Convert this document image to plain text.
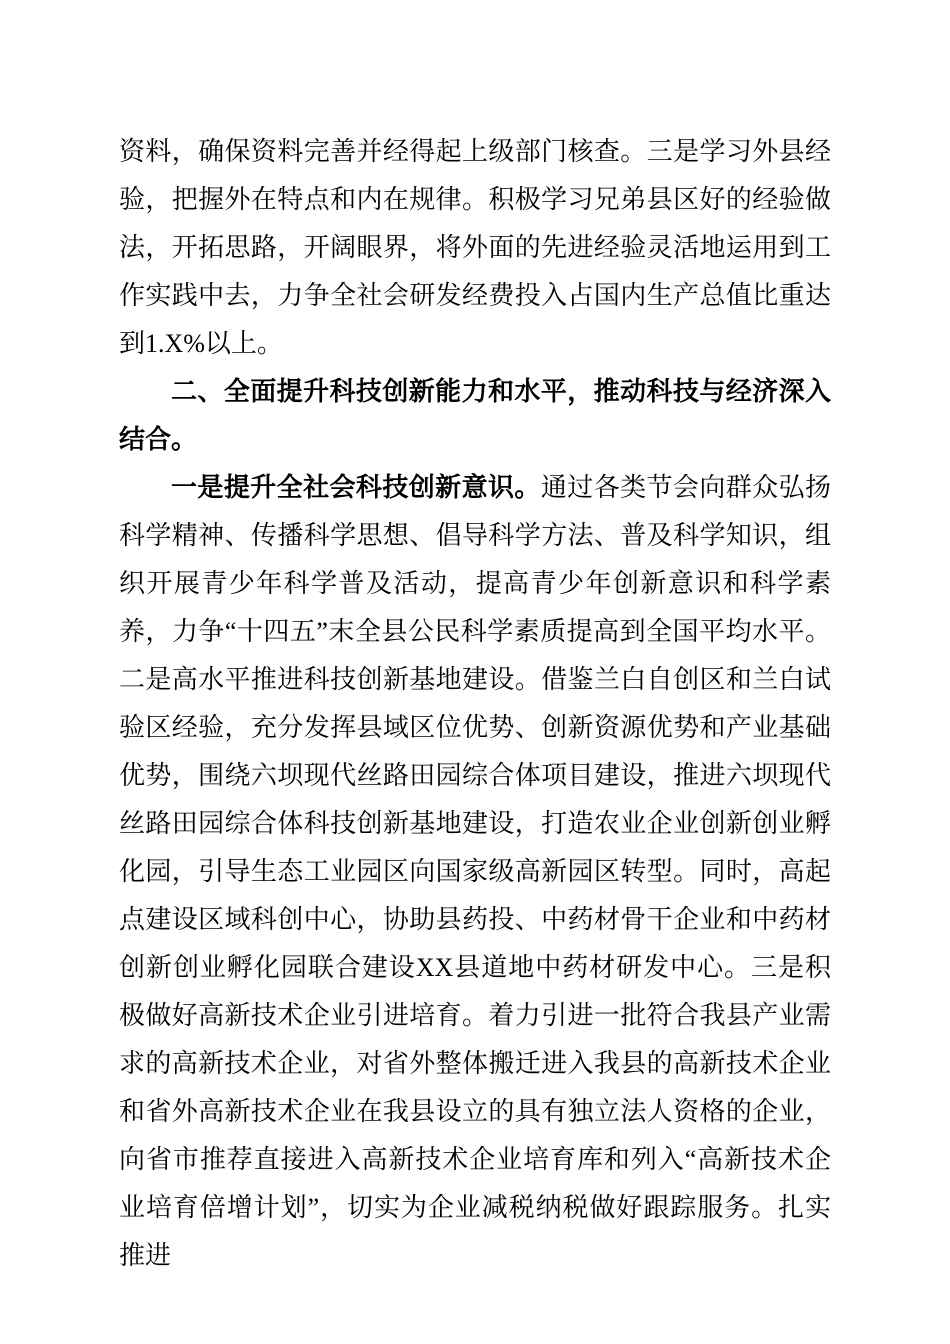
资料，确保资料完善并经得起上级部门核查。三是学习外县经验，把握外在特点和内在规律。积极学习兄弟县区好的经验做法，开拓思路，开阔眼界，将外面的先进经验灵活地运用到工作实践中去，力争全社会研发经费投入占国内生产总值比重达到1.X%以上。

二、全面提升科技创新能力和水平，推动科技与经济深入结合。

一是提升全社会科技创新意识。通过各类节会向群众弘扬科学精神、传播科学思想、倡导科学方法、普及科学知识，组织开展青少年科学普及活动，提高青少年创新意识和科学素养，力争“十四五”末全县公民科学素质提高到全国平均水平。二是高水平推进科技创新基地建设。借鉴兰白自创区和兰白试验区经验，充分发挥县域区位优势、创新资源优势和产业基础优势，围绕六坝现代丝路田园综合体项目建设，推进六坝现代丝路田园综合体科技创新基地建设，打造农业企业创新创业孵化园，引导生态工业园区向国家级高新园区转型。同时，高起点建设区域科创中心，协助县药投、中药材骨干企业和中药材创新创业孵化园联合建设XX县道地中药材研发中心。三是积极做好高新技术企业引进培育。着力引进一批符合我县产业需求的高新技术企业，对省外整体搬迁进入我县的高新技术企业和省外高新技术企业在我县设立的具有独立法人资格的企业，向省市推荐直接进入高新技术企业培育库和列入“高新技术企业培育倍增计划”，切实为企业减税纳税做好跟踪服务。扎实推进
